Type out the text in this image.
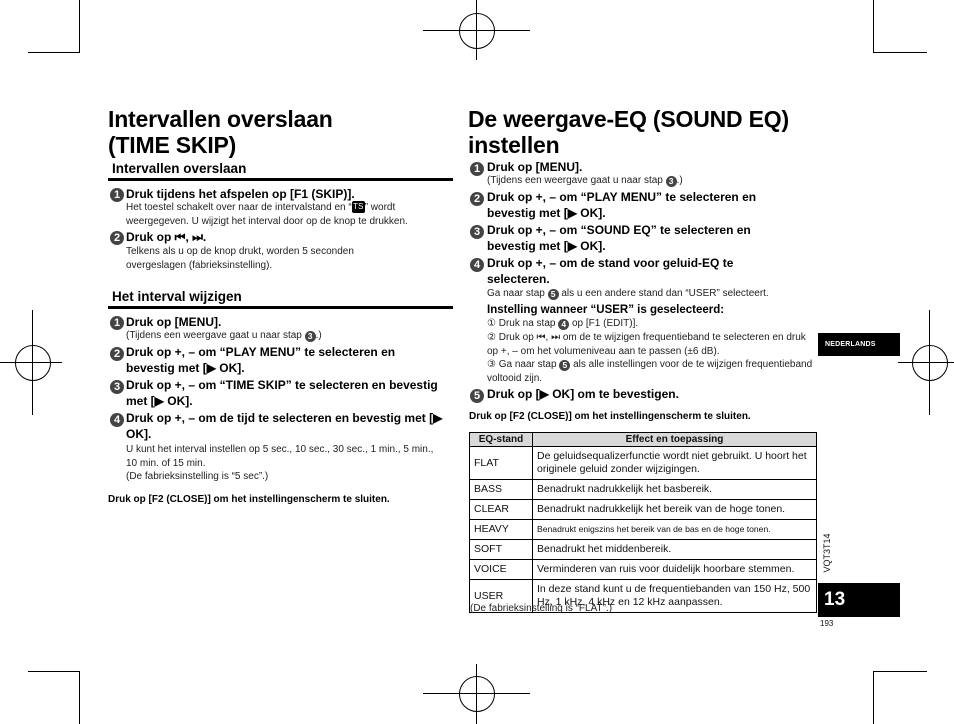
Intervallen overslaan
(TIME SKIP)
Intervallen overslaan
1 Druk tijdens het afspelen op [F1 (SKIP)].
Het toestel schakelt over naar de intervalstand en “TS” wordt weergegeven. U wijzigt het interval door op de knop te drukken.
2 Druk op ⏮, ⏭.
Telkens als u op de knop drukt, worden 5 seconden overgeslagen (fabrieksinstelling).
Het interval wijzigen
1 Druk op [MENU].
(Tijdens een weergave gaat u naar stap 3 .)
2 Druk op +, – om “PLAY MENU” te selecteren en bevestig met [▶ OK].
3 Druk op +, – om “TIME SKIP” te selecteren en bevestig met [▶ OK].
4 Druk op +, – om de tijd te selecteren en bevestig met [▶ OK].
U kunt het interval instellen op 5 sec., 10 sec., 30 sec., 1 min., 5 min., 10 min. of 15 min.
(De fabrieksinstelling is “5 sec”.)
Druk op [F2 (CLOSE)] om het instellingenscherm te sluiten.
De weergave-EQ (SOUND EQ)
instellen
1 Druk op [MENU].
(Tijdens een weergave gaat u naar stap 3 .)
2 Druk op +, – om “PLAY MENU” te selecteren en bevestig met [▶ OK].
3 Druk op +, – om “SOUND EQ” te selecteren en bevestig met [▶ OK].
4 Druk op +, – om de stand voor geluid-EQ te selecteren.
Ga naar stap 5 als u een andere stand dan “USER” selecteert.
Instelling wanneer “USER” is geselecteerd:
① Druk na stap 4 op [F1 (EDIT)].
② Druk op ⏮, ⏭ om de te wijzigen frequentieband te selecteren en druk op +, – om het volumeniveau aan te passen (±6 dB).
③ Ga naar stap 5 als alle instellingen voor de te wijzigen frequentieband voltooid zijn.
5 Druk op [▶ OK] om te bevestigen.
Druk op [F2 (CLOSE)] om het instellingenscherm te sluiten.
EQ-stand	Effect en toepassing
FLAT	De geluidsequalizerfunctie wordt niet gebruikt. U hoort het originele geluid zonder wijzigingen.
BASS	Benadrukt nadrukkelijk het basbereik.
CLEAR	Benadrukt nadrukkelijk het bereik van de hoge tonen.
HEAVY	Benadrukt enigszins het bereik van de bas en de hoge tonen.
SOFT	Benadrukt het middenbereik.
VOICE	Verminderen van ruis voor duidelijk hoorbare stemmen.
USER	In deze stand kunt u de frequentiebanden van 150 Hz, 500 Hz, 1 kHz, 4 kHz en 12 kHz aanpassen.
(De fabrieksinstelling is “FLAT”.)
NEDERLANDS
VQT3T14
13
193
